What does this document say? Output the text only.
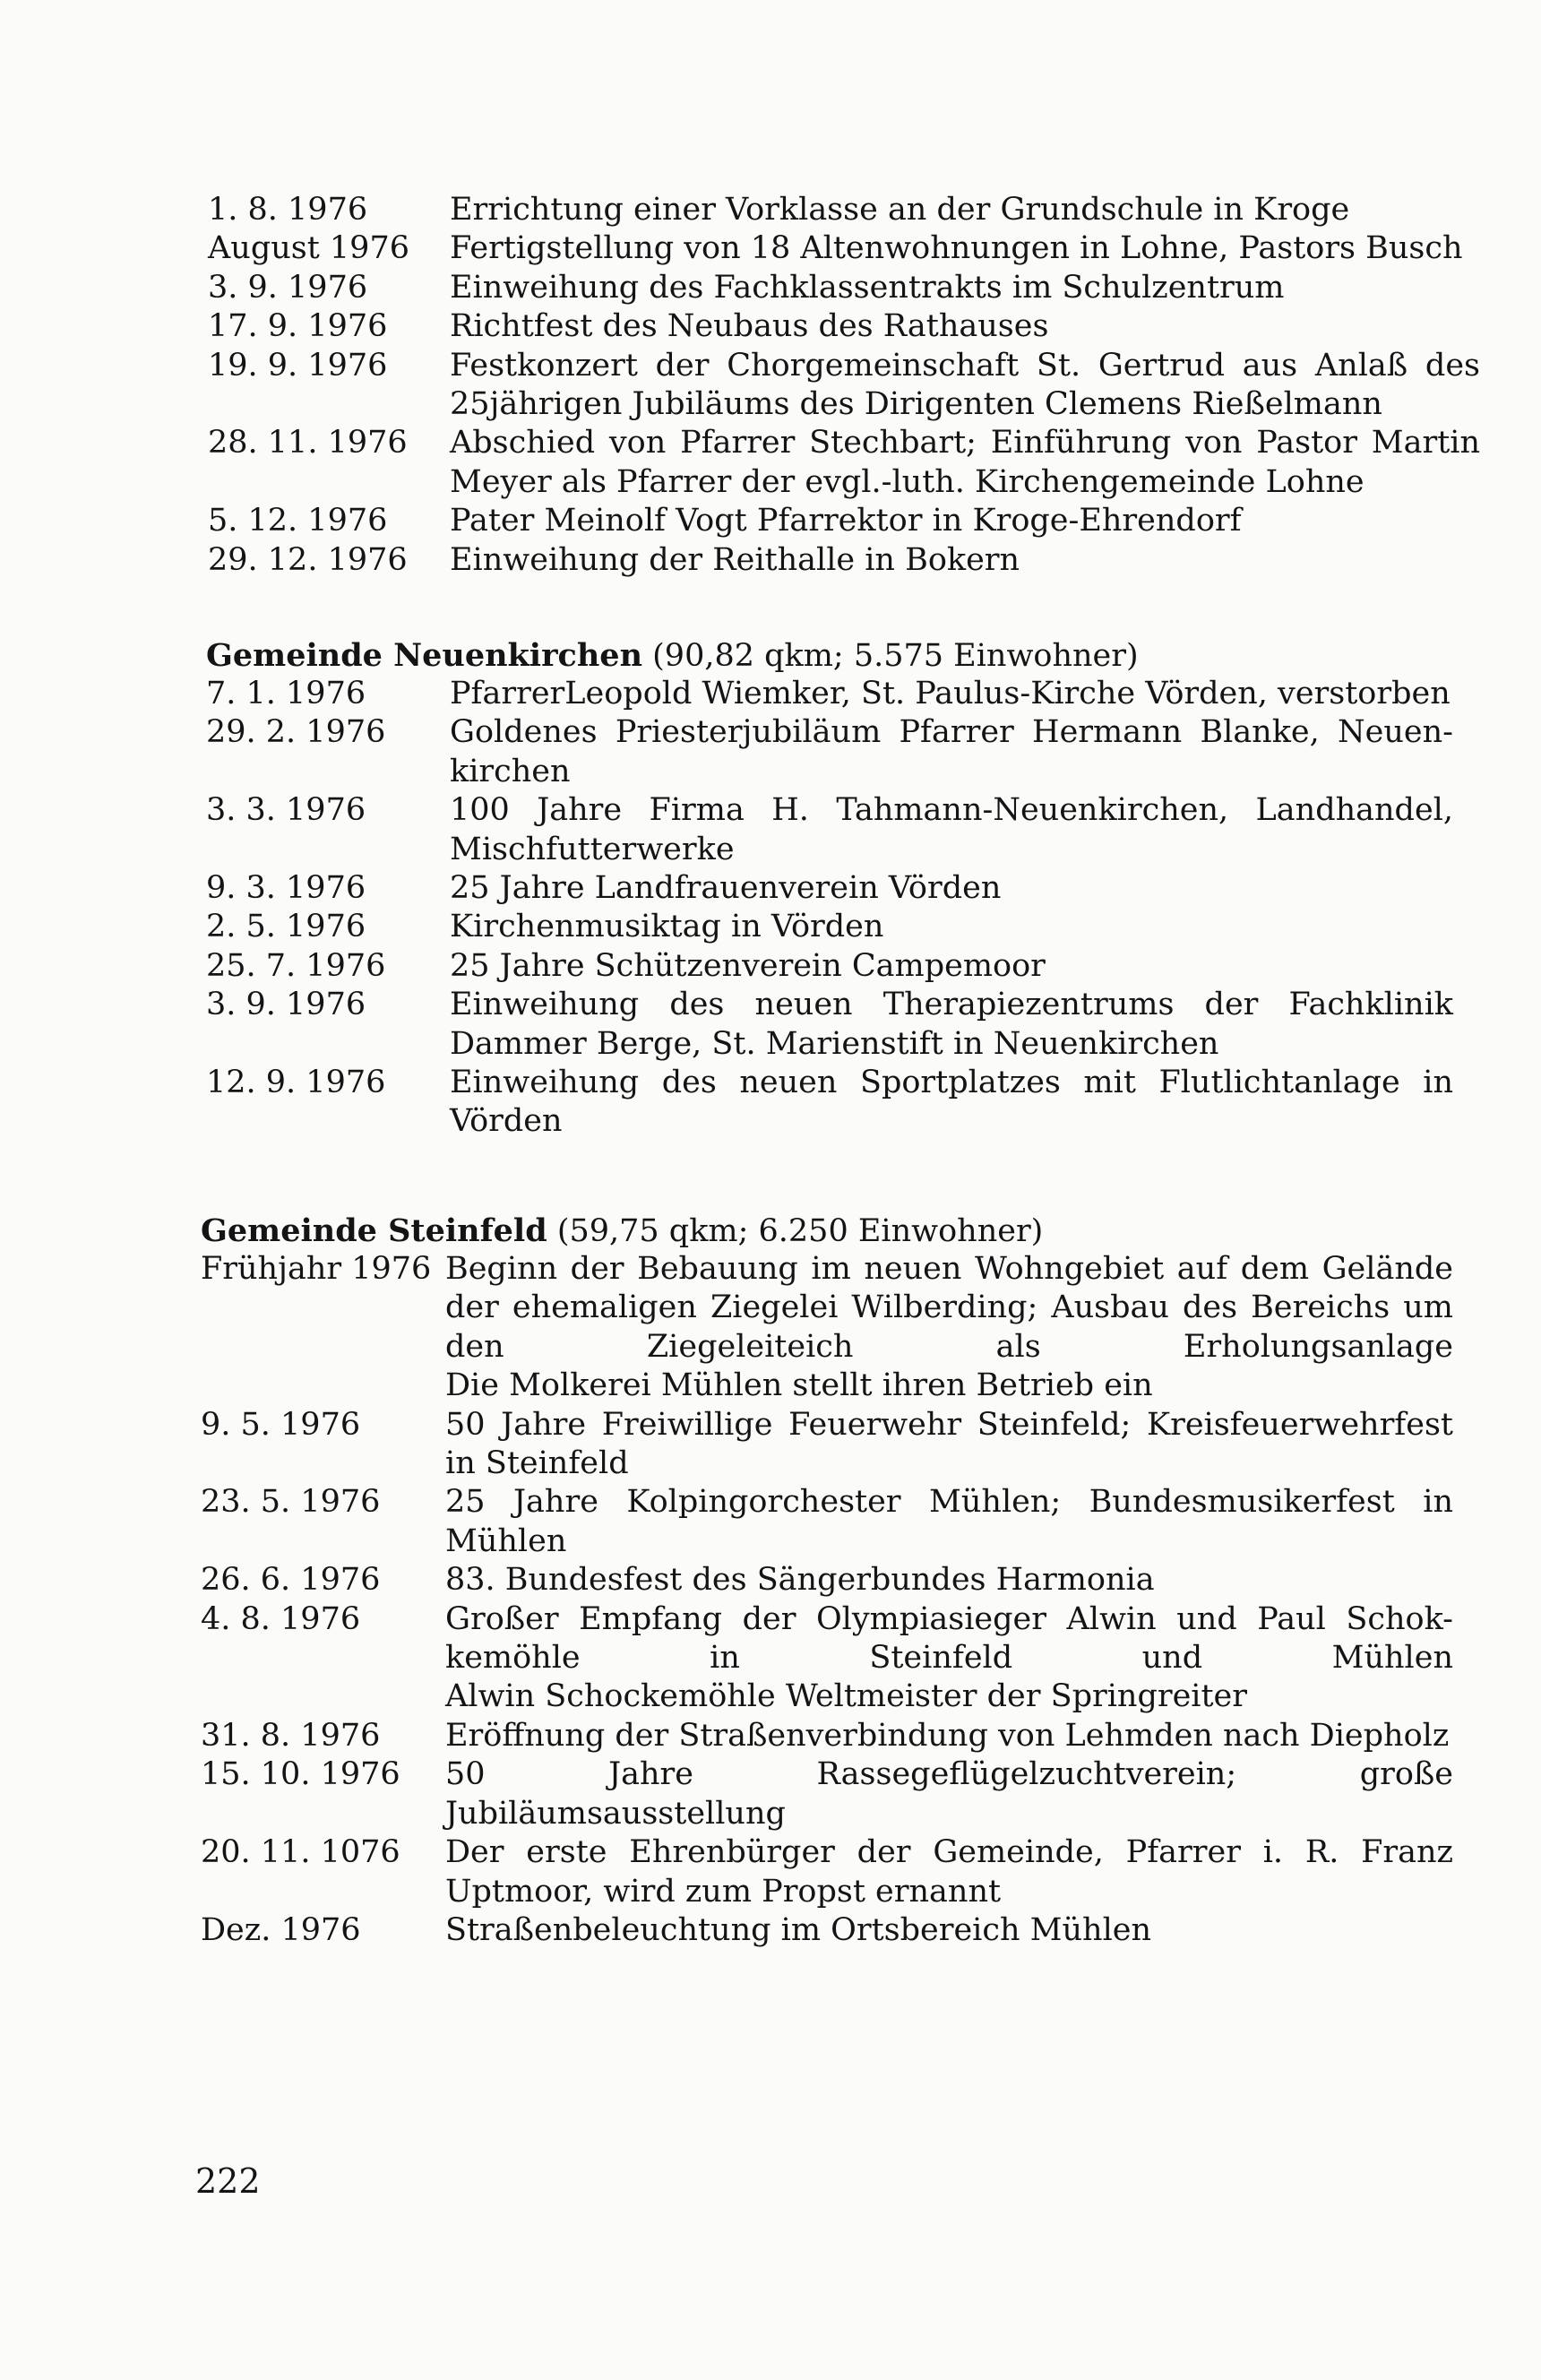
1. 8. 1976	Errichtung einer Vorklasse an der Grundschule in Kroge
August 1976	Fertigstellung von 18 Altenwohnungen in Lohne, Pastors Busch
3. 9. 1976	Einweihung des Fachklassentrakts im Schulzentrum
17. 9. 1976	Richtfest des Neubaus des Rathauses
19. 9. 1976	Festkonzert der Chorgemeinschaft St. Gertrud aus Anlaß des
25jährigen Jubiläums des Dirigenten Clemens Rießelmann
28. 11. 1976	Abschied von Pfarrer Stechbart; Einführung von Pastor Martin
Meyer als Pfarrer der evgl.-luth. Kirchengemeinde Lohne
5. 12. 1976	Pater Meinolf Vogt Pfarrektor in Kroge-Ehrendorf
29. 12. 1976	Einweihung der Reithalle in Bokern
Gemeinde Neuenkirchen (90,82 qkm; 5.575 Einwohner)
7. 1. 1976	PfarrerLeopold Wiemker, St. Paulus-Kirche Vörden, verstorben
29. 2. 1976	Goldenes Priesterjubiläum Pfarrer Hermann Blanke, Neuen-
kirchen
3. 3. 1976	100 Jahre Firma H. Tahmann-Neuenkirchen, Landhandel,
Mischfutterwerke
9. 3. 1976	25 Jahre Landfrauenverein Vörden
2. 5. 1976	Kirchenmusiktag in Vörden
25. 7. 1976	25 Jahre Schützenverein Campemoor
3. 9. 1976	Einweihung des neuen Therapiezentrums der Fachklinik
Dammer Berge, St. Marienstift in Neuenkirchen
12. 9. 1976	Einweihung des neuen Sportplatzes mit Flutlichtanlage in
Vörden
Gemeinde Steinfeld (59,75 qkm; 6.250 Einwohner)
Frühjahr 1976 Beginn der Bebauung im neuen Wohngebiet auf dem Gelände
der ehemaligen Ziegelei Wilberding; Ausbau des Bereichs um
den Ziegeleiteich als Erholungsanlage
Die Molkerei Mühlen stellt ihren Betrieb ein
9. 5. 1976	50 Jahre Freiwillige Feuerwehr Steinfeld; Kreisfeuerwehrfest
in Steinfeld
23. 5. 1976	25 Jahre Kolpingorchester Mühlen; Bundesmusikerfest in
Mühlen
26. 6. 1976	83. Bundesfest des Sängerbundes Harmonia
4. 8. 1976	Großer Empfang der Olympiasieger Alwin und Paul Schok-
kemöhle in Steinfeld und Mühlen
Alwin Schockemöhle Weltmeister der Springreiter
31. 8. 1976	Eröffnung der Straßenverbindung von Lehmden nach Diepholz
15. 10. 1976	50 Jahre Rassegeflügelzuchtverein; große Jubiläumsausstellung
20. 11. 1076	Der erste Ehrenbürger der Gemeinde, Pfarrer i. R. Franz
Uptmoor, wird zum Propst ernannt
Dez. 1976	Straßenbeleuchtung im Ortsbereich Mühlen
222
